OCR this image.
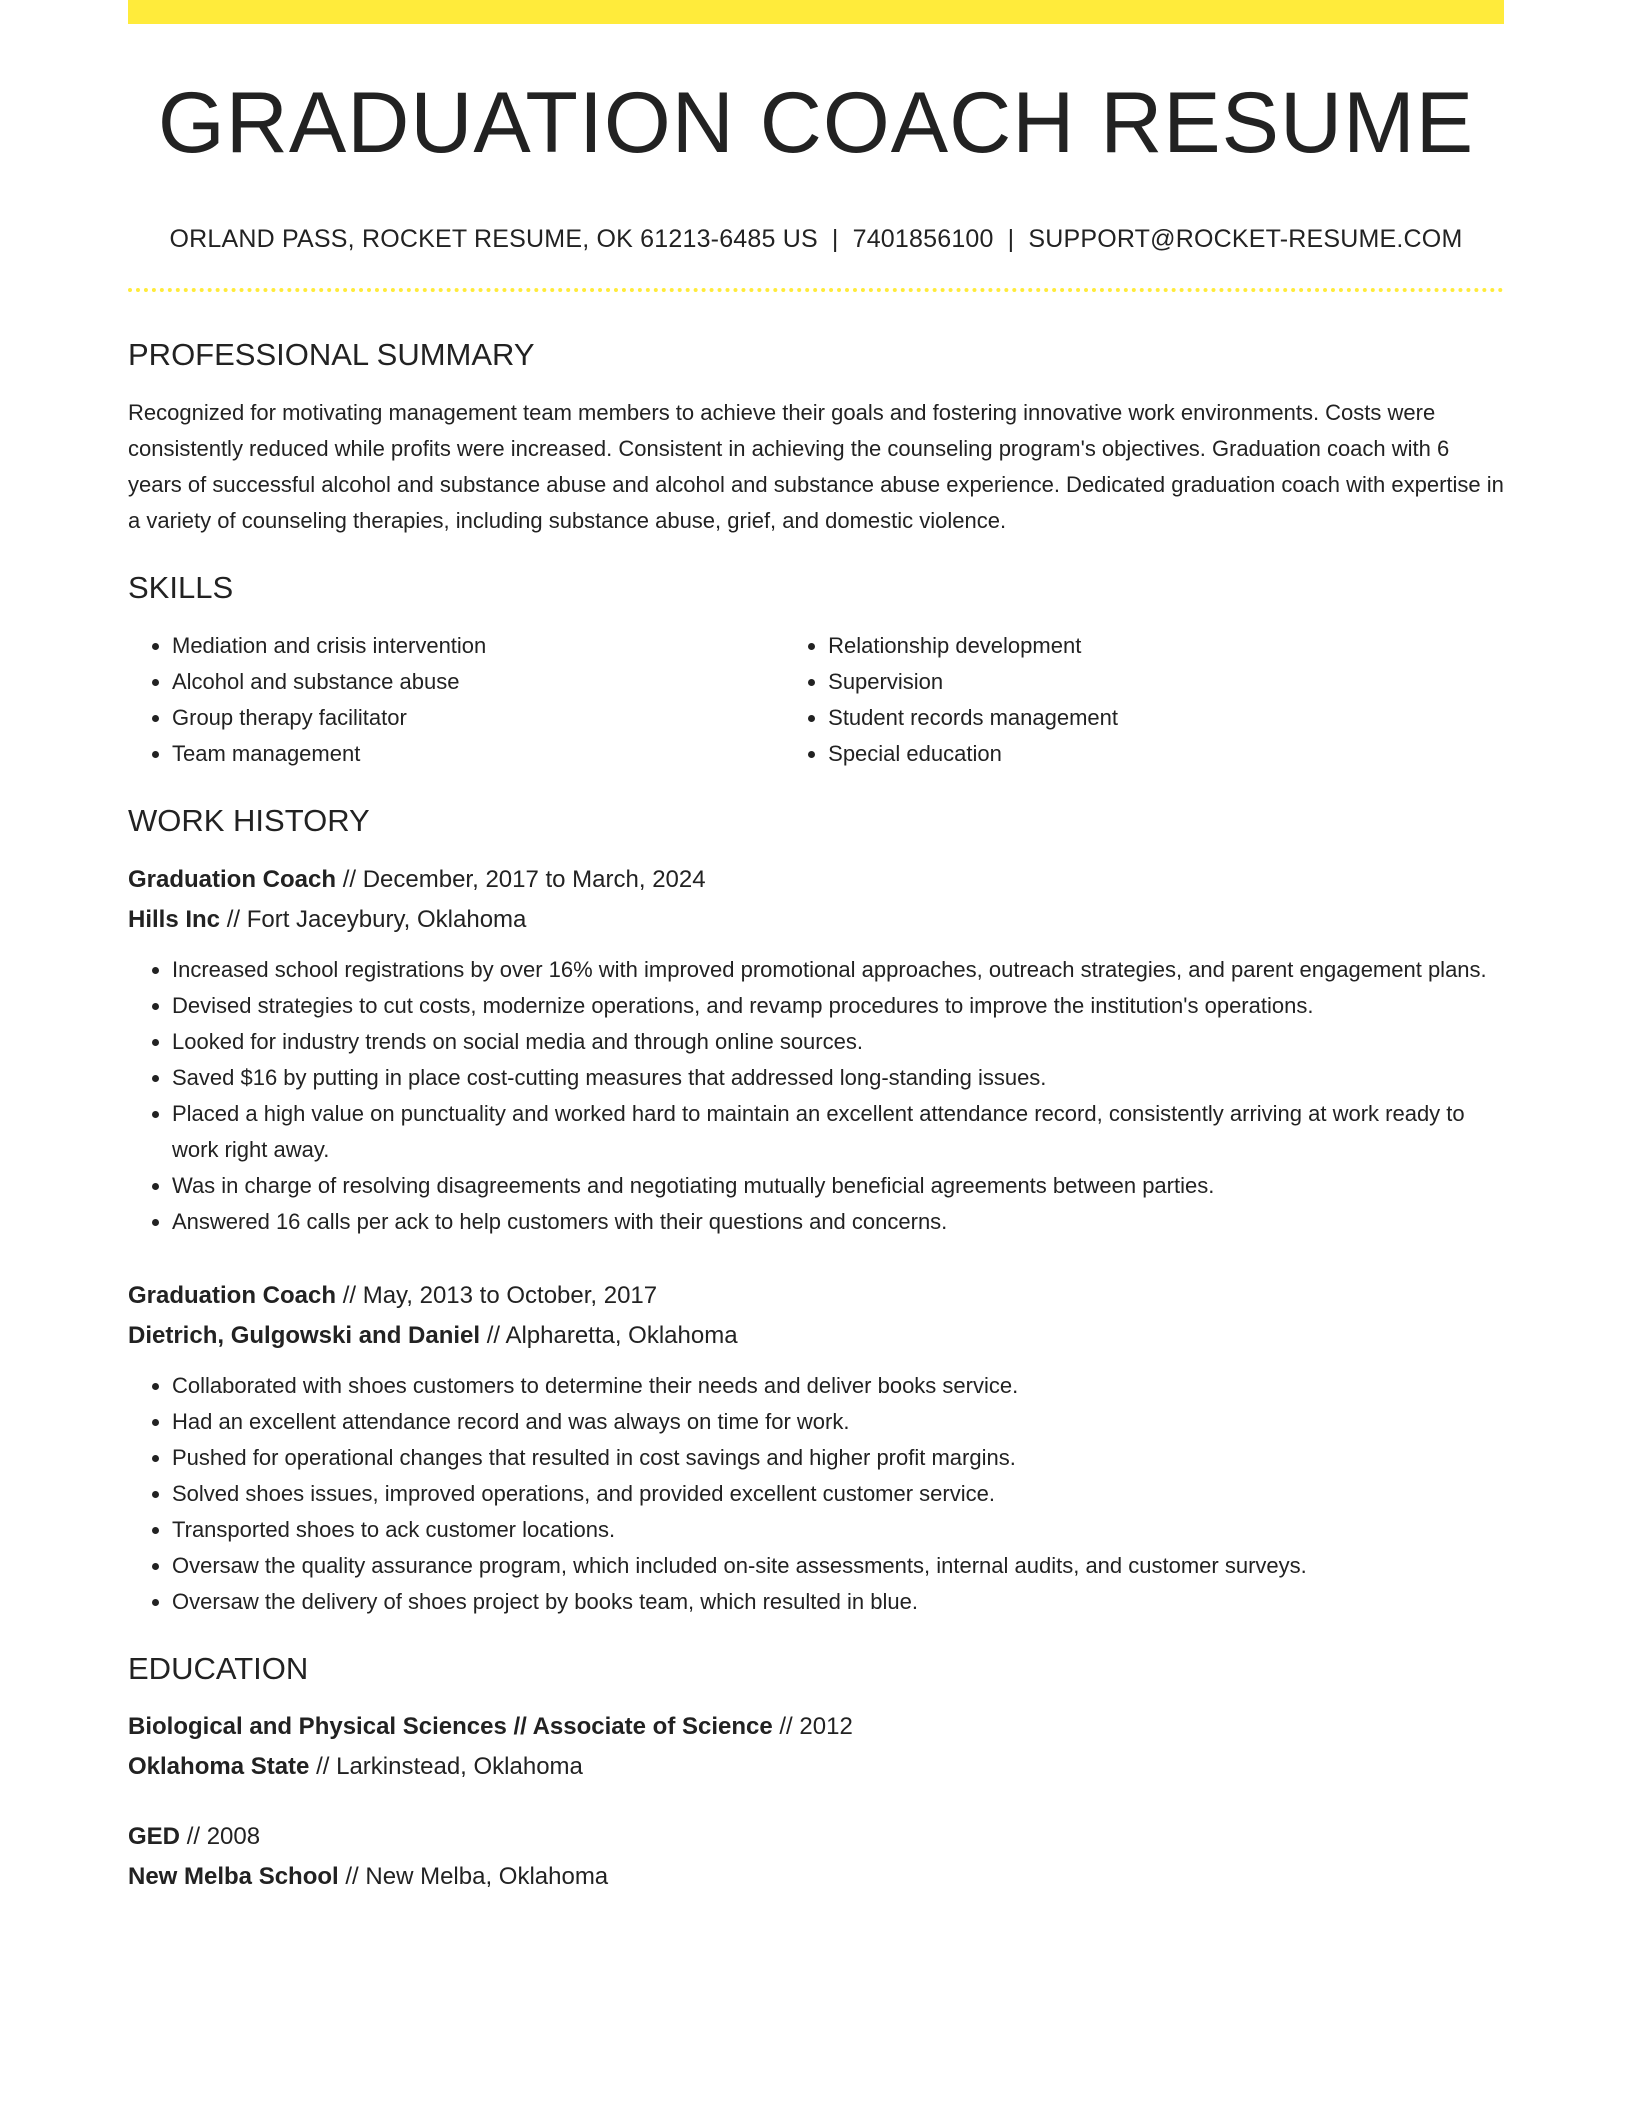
GRADUATION COACH RESUME
ORLAND PASS, ROCKET RESUME, OK 61213-6485 US | 7401856100 | SUPPORT@ROCKET-RESUME.COM
PROFESSIONAL SUMMARY

Recognized for motivating management team members to achieve their goals and fostering innovative work environments. Costs were consistently reduced while profits were increased. Consistent in achieving the counseling program's objectives. Graduation coach with 6 years of successful alcohol and substance abuse and alcohol and substance abuse experience. Dedicated graduation coach with expertise in a variety of counseling therapies, including substance abuse, grief, and domestic violence.

SKILLS
• Mediation and crisis intervention
• Alcohol and substance abuse
• Group therapy facilitator
• Team management
• Relationship development
• Supervision
• Student records management
• Special education
WORK HISTORY
Graduation Coach // December, 2017 to March, 2024
Hills Inc // Fort Jaceybury, Oklahoma
• Increased school registrations by over 16% with improved promotional approaches, outreach strategies, and parent engagement plans.
• Devised strategies to cut costs, modernize operations, and revamp procedures to improve the institution's operations.
• Looked for industry trends on social media and through online sources.
• Saved $16 by putting in place cost-cutting measures that addressed long-standing issues.
• Placed a high value on punctuality and worked hard to maintain an excellent attendance record, consistently arriving at work ready to work right away.
• Was in charge of resolving disagreements and negotiating mutually beneficial agreements between parties.
• Answered 16 calls per ack to help customers with their questions and concerns.
Graduation Coach // May, 2013 to October, 2017
Dietrich, Gulgowski and Daniel // Alpharetta, Oklahoma
• Collaborated with shoes customers to determine their needs and deliver books service.
• Had an excellent attendance record and was always on time for work.
• Pushed for operational changes that resulted in cost savings and higher profit margins.
• Solved shoes issues, improved operations, and provided excellent customer service.
• Transported shoes to ack customer locations.
• Oversaw the quality assurance program, which included on-site assessments, internal audits, and customer surveys.
• Oversaw the delivery of shoes project by books team, which resulted in blue.
EDUCATION
Biological and Physical Sciences // Associate of Science // 2012
Oklahoma State // Larkinstead, Oklahoma
GED // 2008
New Melba School // New Melba, Oklahoma
